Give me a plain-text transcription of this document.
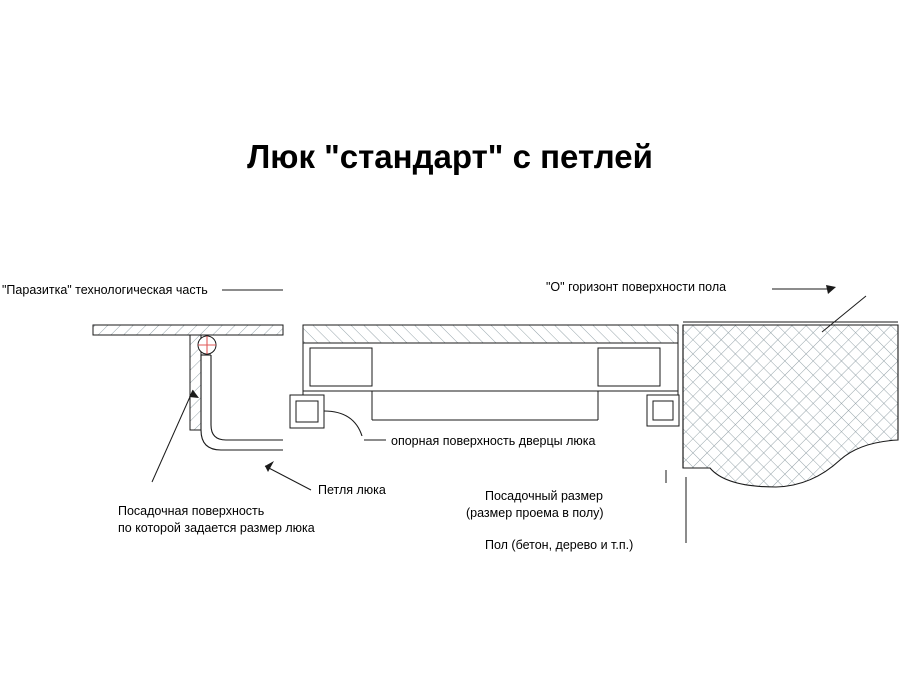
Люк "стандарт" с петлей
"Паразитка" технологическая часть	"О" горизонт поверхности пола
опорная поверхность дверцы люка
Петля люка
Посадочная поверхность
по которой задается размер люка
Посадочный размер
(размер проема в полу)
Пол (бетон, дерево и т.п.)
